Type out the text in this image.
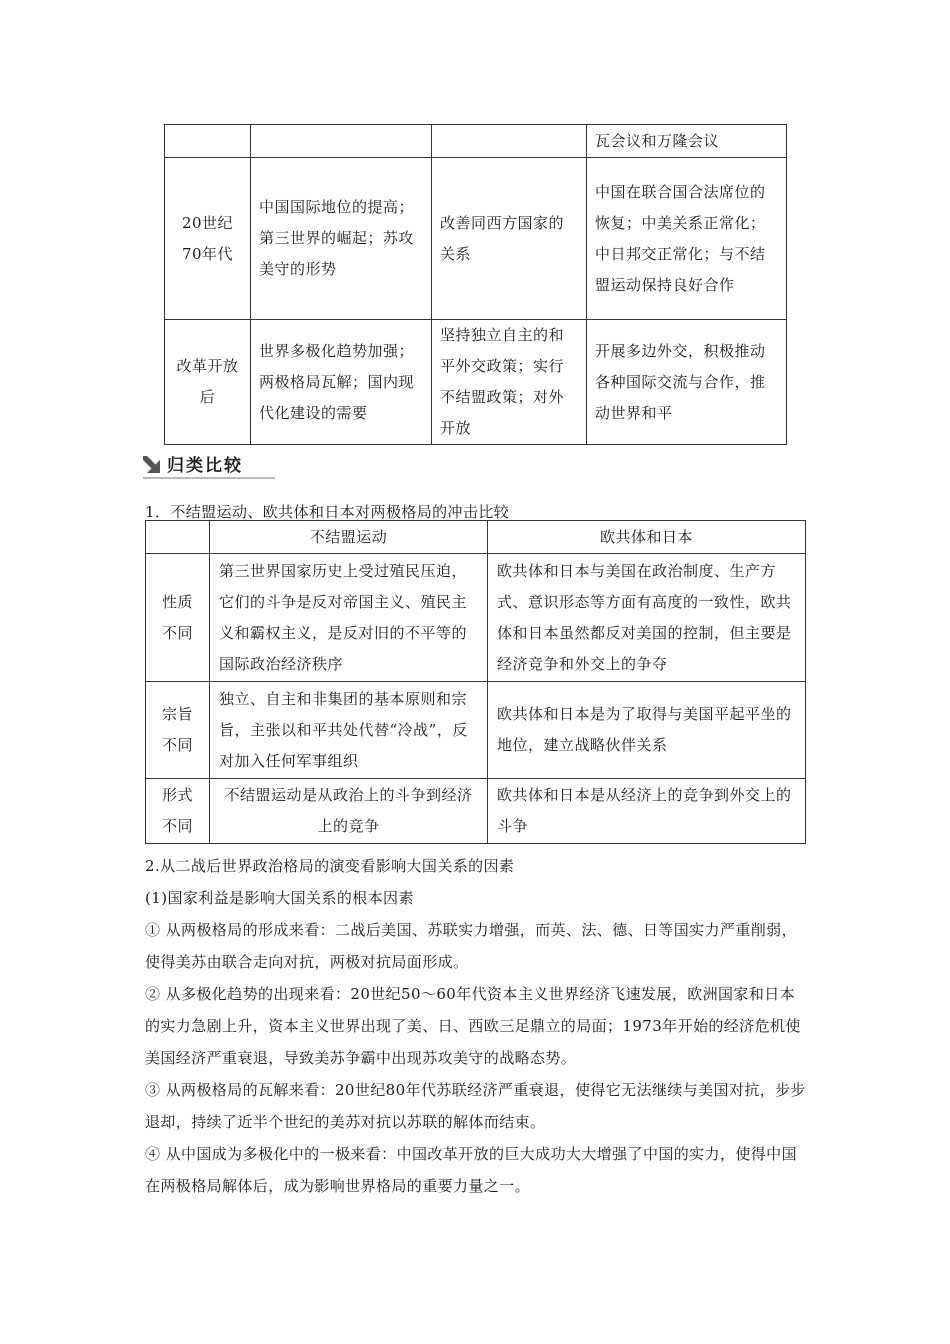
			瓦会议和万隆会议

20世纪70年代	中国国际地位的提高；第三世界的崛起；苏攻美守的形势	改善同西方国家的关系	中国在联合国合法席位的恢复；中美关系正常化；中日邦交正常化；与不结盟运动保持良好合作

改革开放后	世界多极化趋势加强；两极格局瓦解；国内现代化建设的需要	坚持独立自主的和平外交政策；实行不结盟政策；对外开放	开展多边外交，积极推动各种国际交流与合作，推动世界和平
归类比较
1．不结盟运动、欧共体和日本对两极格局的冲击比较

	不结盟运动	欧共体和日本

性质不同	第三世界国家历史上受过殖民压迫，它们的斗争是反对帝国主义、殖民主义和霸权主义，是反对旧的不平等的国际政治经济秩序	欧共体和日本与美国在政治制度、生产方式、意识形态等方面有高度的一致性，欧共体和日本虽然都反对美国的控制，但主要是经济竞争和外交上的争夺

宗旨不同	独立、自主和非集团的基本原则和宗旨，主张以和平共处代替“冷战”，反对加入任何军事组织	欧共体和日本是为了取得与美国平起平坐的地位，建立战略伙伴关系

形式不同	不结盟运动是从政治上的斗争到经济上的竞争	欧共体和日本是从经济上的竞争到外交上的斗争
2.从二战后世界政治格局的演变看影响大国关系的因素
(1)国家利益是影响大国关系的根本因素
① 从两极格局的形成来看：二战后美国、苏联实力增强，而英、法、德、日等国实力严重削弱，使得美苏由联合走向对抗，两极对抗局面形成。
② 从多极化趋势的出现来看：20世纪50～60年代资本主义世界经济飞速发展，欧洲国家和日本的实力急剧上升，资本主义世界出现了美、日、西欧三足鼎立的局面；1973年开始的经济危机使美国经济严重衰退，导致美苏争霸中出现苏攻美守的战略态势。
③ 从两极格局的瓦解来看：20世纪80年代苏联经济严重衰退，使得它无法继续与美国对抗，步步退却，持续了近半个世纪的美苏对抗以苏联的解体而结束。
④ 从中国成为多极化中的一极来看：中国改革开放的巨大成功大大增强了中国的实力，使得中国在两极格局解体后，成为影响世界格局的重要力量之一。
